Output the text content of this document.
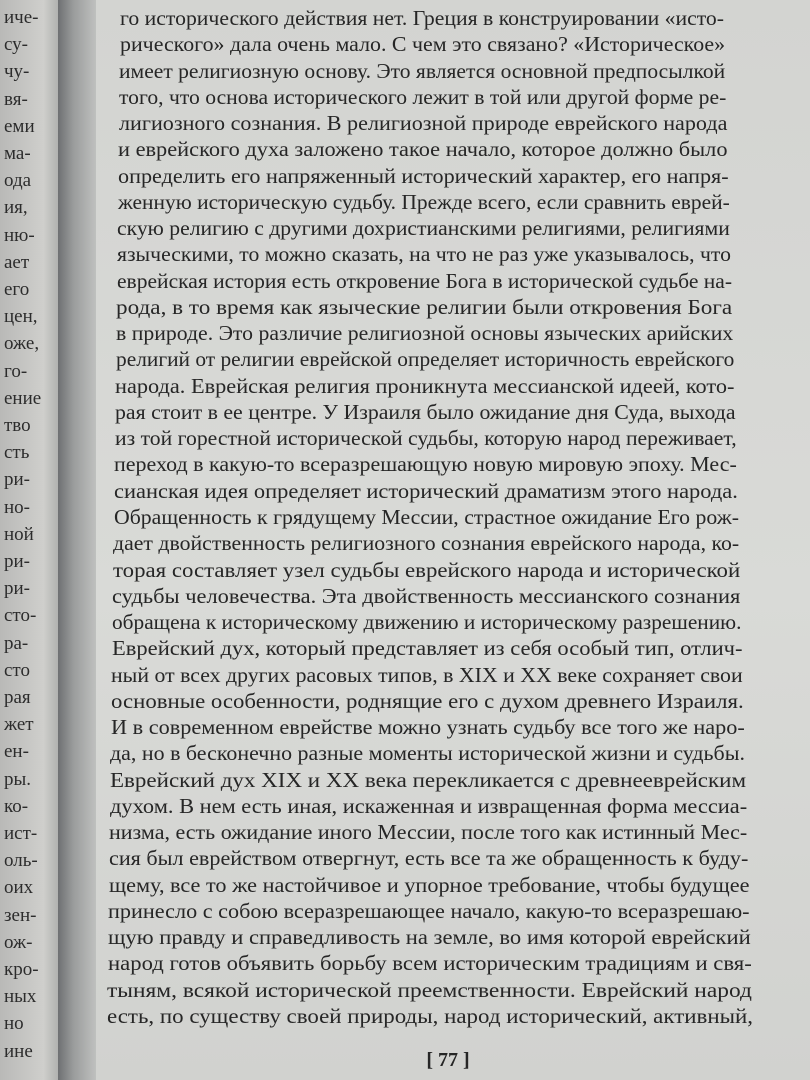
иче-
су-
чу-
вя-
еми
ма-
ода
ия,
ню-
ает
его
цен,
оже,
го-
ение
тво
сть
ри-
но-
ной
ри-
ри-
сто-
ра-
сто
рая
жет
ен-
ры.
ко-
ист-
оль-
оих
зен-
ож-
кро-
ных
но
ине	[ 77 ]
го исторического действия нет. Греция в конструировании «исто-
рического» дала очень мало. С чем это связано? «Историческое»
имеет религиозную основу. Это является основной предпосылкой
того, что основа исторического лежит в той или другой форме ре-
лигиозного сознания. В религиозной природе еврейского народа
и еврейского духа заложено такое начало, которое должно было
определить его напряженный исторический характер, его напря-
женную историческую судьбу. Прежде всего, если сравнить еврей-
скую религию с другими дохристианскими религиями, религиями
языческими, то можно сказать, на что не раз уже указывалось, что
еврейская история есть откровение Бога в исторической судьбе на-
рода, в то время как языческие религии были откровения Бога
в природе. Это различие религиозной основы языческих арийских
религий от религии еврейской определяет историчность еврейского
народа. Еврейская религия проникнута мессианской идеей, кото-
рая стоит в ее центре. У Израиля было ожидание дня Суда, выхода
из той горестной исторической судьбы, которую народ переживает,
переход в какую-то всеразрешающую новую мировую эпоху. Мес-
сианская идея определяет исторический драматизм этого народа.
Обращенность к грядущему Мессии, страстное ожидание Его рож-
дает двойственность религиозного сознания еврейского народа, ко-
торая составляет узел судьбы еврейского народа и исторической
судьбы человечества. Эта двойственность мессианского сознания
обращена к историческому движению и историческому разрешению.
Еврейский дух, который представляет из себя особый тип, отлич-
ный от всех других расовых типов, в XIX и XX веке сохраняет свои
основные особенности, роднящие его с духом древнего Израиля.
И в современном еврействе можно узнать судьбу все того же наро-
да, но в бесконечно разные моменты исторической жизни и судьбы.
Еврейский дух XIX и XX века перекликается с древнееврейским
духом. В нем есть иная, искаженная и извращенная форма мессиа-
низма, есть ожидание иного Мессии, после того как истинный Мес-
сия был еврейством отвергнут, есть все та же обращенность к буду-
щему, все то же настойчивое и упорное требование, чтобы будущее
принесло с собою всеразрешающее начало, какую-то всеразрешаю-
щую правду и справедливость на земле, во имя которой еврейский
народ готов объявить борьбу всем историческим традициям и свя-
тыням, всякой исторической преемственности. Еврейский народ
есть, по существу своей природы, народ исторический, активный,
